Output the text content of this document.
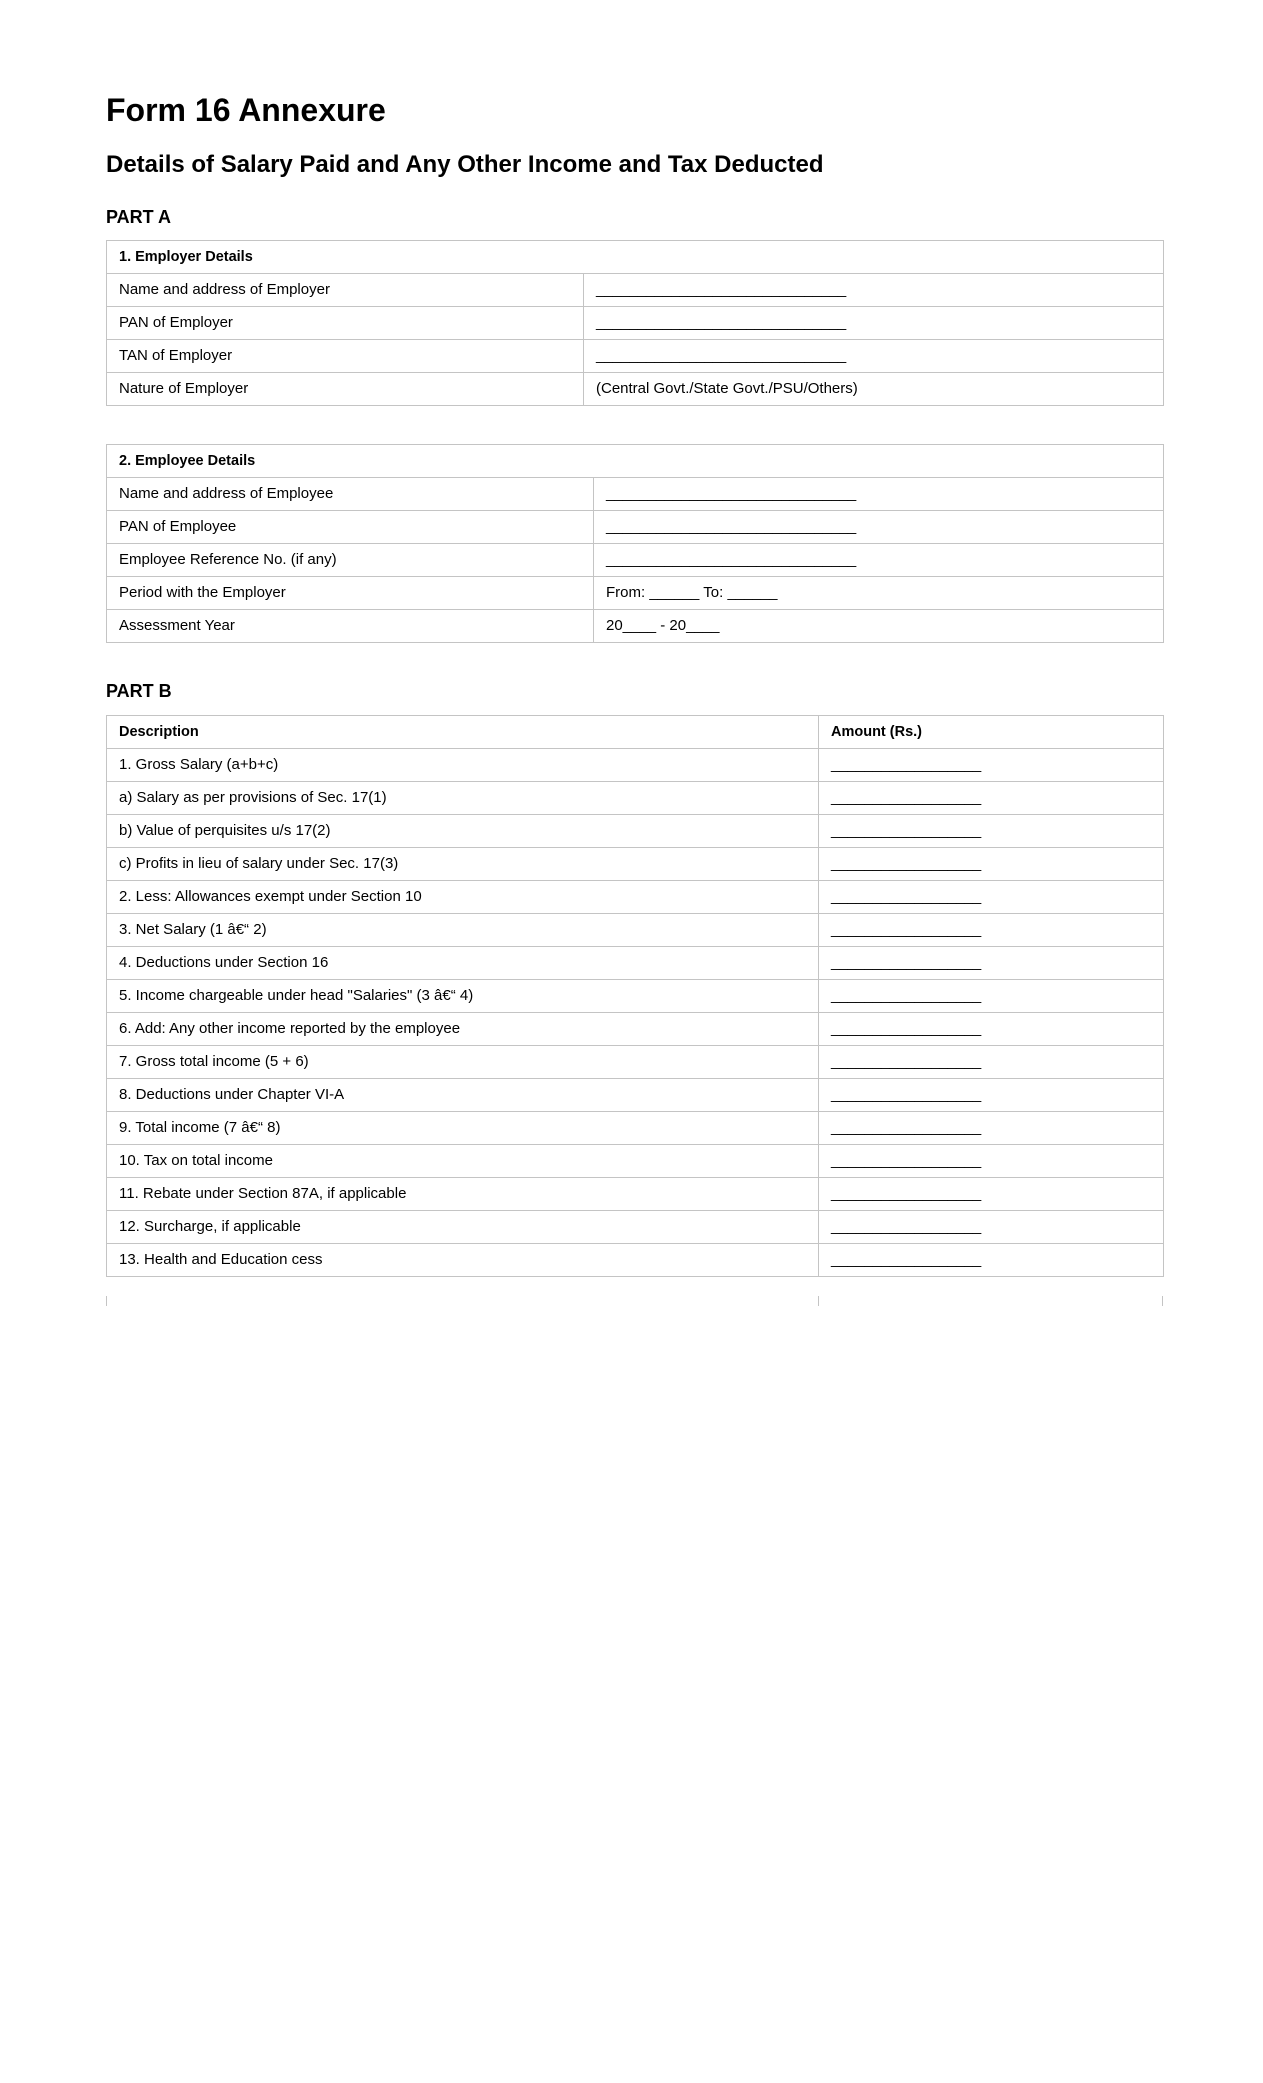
Form 16 Annexure
Details of Salary Paid and Any Other Income and Tax Deducted
PART A
1. Employer Details	
Name and address of Employer	______________________________
PAN of Employer	______________________________
TAN of Employer	______________________________
Nature of Employer	(Central Govt./State Govt./PSU/Others)
2. Employee Details	
Name and address of Employee	______________________________
PAN of Employee	______________________________
Employee Reference No. (if any)	______________________________
Period with the Employer	From: ______ To: ______
Assessment Year	20____ - 20____
PART B
Description	Amount (Rs.)
1. Gross Salary (a+b+c)	__________________
a) Salary as per provisions of Sec. 17(1)	__________________
b) Value of perquisites u/s 17(2)	__________________
c) Profits in lieu of salary under Sec. 17(3)	__________________
2. Less: Allowances exempt under Section 10	__________________
3. Net Salary (1 â€“ 2)	__________________
4. Deductions under Section 16	__________________
5. Income chargeable under head "Salaries" (3 â€“ 4)	__________________
6. Add: Any other income reported by the employee	__________________
7. Gross total income (5 + 6)	__________________
8. Deductions under Chapter VI-A	__________________
9. Total income (7 â€“ 8)	__________________
10. Tax on total income	__________________
11. Rebate under Section 87A, if applicable	__________________
12. Surcharge, if applicable	__________________
13. Health and Education cess	__________________
